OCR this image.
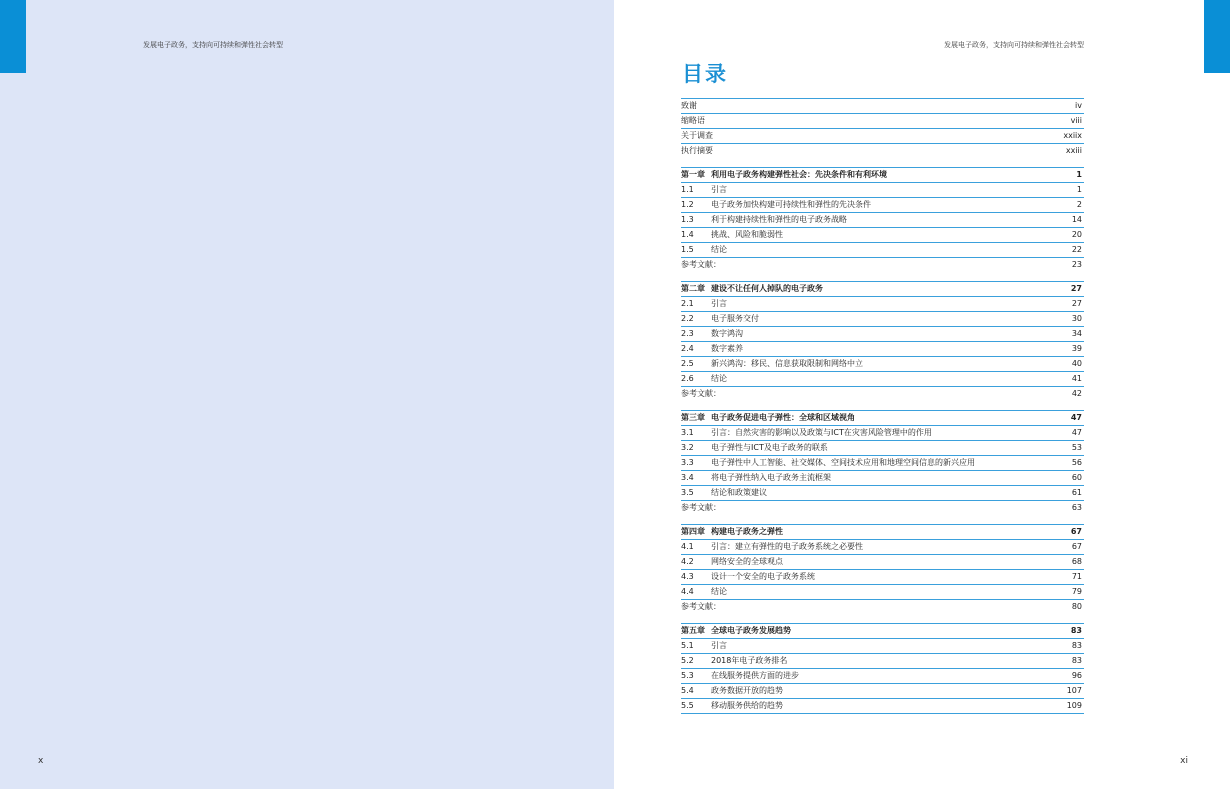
发展电子政务，支持向可持续和弹性社会转型
x
发展电子政务，支持向可持续和弹性社会转型
目录
致谢	iv
缩略语	viii
关于调查	xxiix
执行摘要	xxiii
第一章 利用电子政务构建弹性社会：先决条件和有利环境	1
1.1	引言	1
1.2	电子政务加快构建可持续性和弹性的先决条件	2
1.3	利于构建持续性和弹性的电子政务战略	14
1.4	挑战、风险和脆弱性	20
1.5	结论	22
参考文献：	23
第二章 建设不让任何人掉队的电子政务	27
2.1	引言	27
2.2	电子服务交付	30
2.3	数字鸿沟	34
2.4	数字素养	39
2.5	新兴鸿沟：移民、信息获取限制和网络中立	40
2.6	结论	41
参考文献：	42
第三章 电子政务促进电子弹性：全球和区域视角	47
3.1	引言：自然灾害的影响以及政策与ICT在灾害风险管理中的作用	47
3.2	电子弹性与ICT及电子政务的联系	53
3.3	电子弹性中人工智能、社交媒体、空间技术应用和地理空间信息的新兴应用	56
3.4	将电子弹性纳入电子政务主流框架	60
3.5	结论和政策建议	61
参考文献：	63
第四章 构建电子政务之弹性	67
4.1	引言：建立有弹性的电子政务系统之必要性	67
4.2	网络安全的全球观点	68
4.3	设计一个安全的电子政务系统	71
4.4	结论	79
参考文献：	80
第五章 全球电子政务发展趋势	83
5.1	引言	83
5.2	2018年电子政务排名	83
5.3	在线服务提供方面的进步	96
5.4	政务数据开放的趋势	107
5.5	移动服务供给的趋势	109
xi
